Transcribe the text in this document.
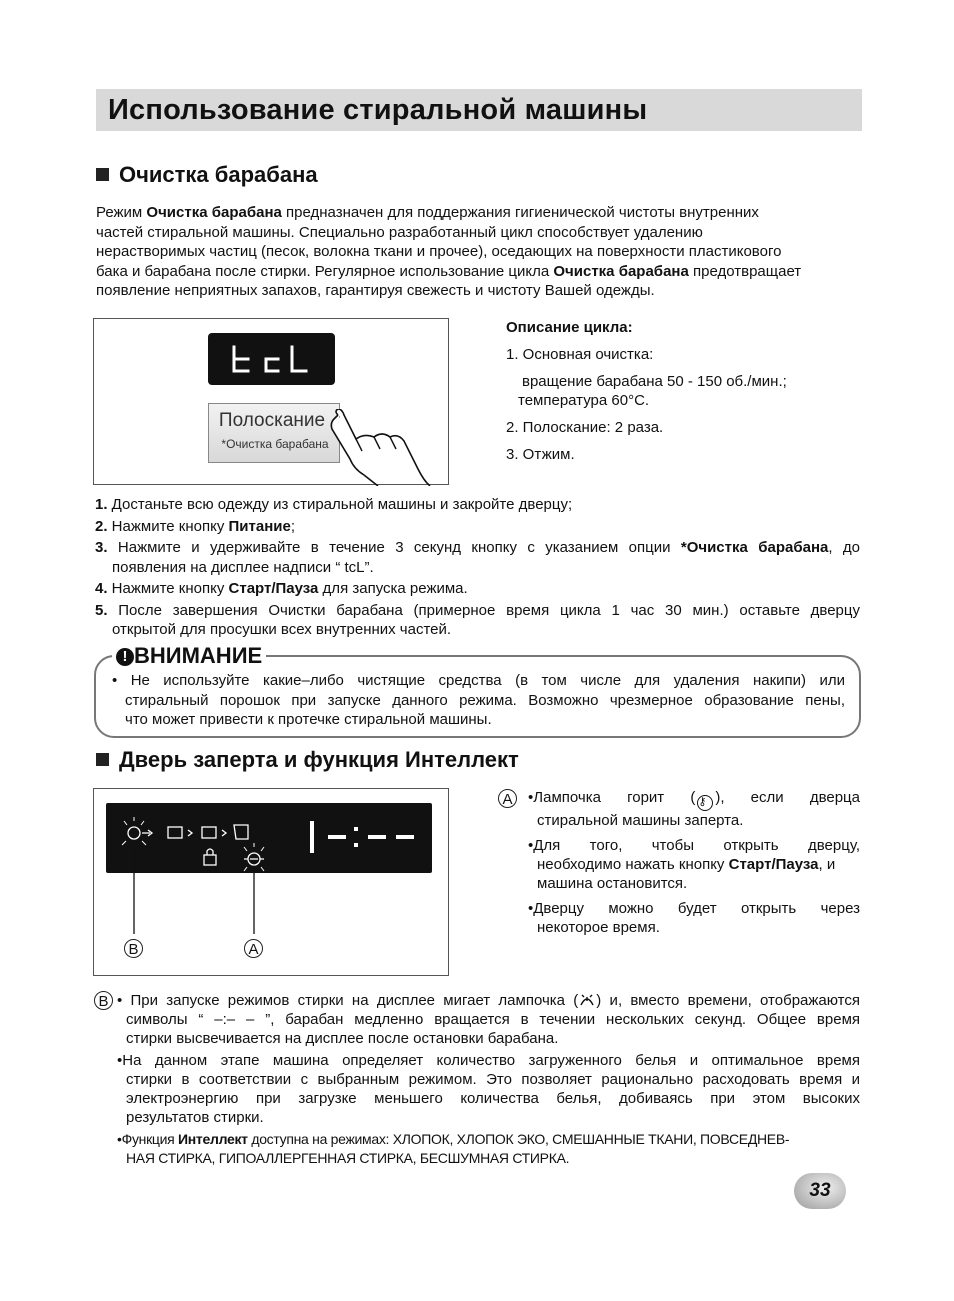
Использование стиральной машины
Очистка барабана
Режим Очистка барабана предназначен для поддержания гигиенической чистоты внутренних
частей стиральной машины. Специально разработанный цикл способствует удалению
нерастворимых частиц (песок, волокна ткани и прочее), оседающих на поверхности пластикового
бака и барабана после стирки. Регулярное использование цикла Очистка барабана предотвращает
появление неприятных запахов, гарантируя свежесть и чистоту Вашей одежды.
Полоскание
*Очистка барабана
Описание цикла:
1. Основная очистка:
вращение барабана 50 - 150 об./мин.;
температура 60°С.
2. Полоскание: 2 раза.
3. Отжим.
1. Достаньте всю одежду из стиральной машины и закройте дверцу;
2. Нажмите кнопку Питание;
3. Нажмите и удерживайте в течение 3 секунд кнопку с указанием опции *Очистка барабана, до
появления на дисплее надписи “ tcL”.
4. Нажмите кнопку Старт/Пауза для запуска режима.
5. После завершения Очистки барабана (примерное время цикла 1 час 30 мин.) оставьте дверцу
открытой для просушки всех внутренних частей.
! ВНИМАНИЕ
• Не используйте какие–либо чистящие средства (в том числе для удаления накипи) или
стиральный порошок при запуске данного режима. Возможно чрезмерное образование пены,
что может привести к протечке стиральной машины.
Дверь заперта и функция Интеллект
B	A
A	•Лампочка горит ( ⚷ ), если дверца
стиральной машины заперта.
•Для того, чтобы открыть дверцу,
необходимо нажать кнопку Старт/Пауза, и
машина остановится.
•Дверцу можно будет открыть через
некоторое время.
B • При запуске режимов стирки на дисплее мигает лампочка ( ) и, вместо времени, отображаются
символы “ –:– – ”, барабан медленно вращается в течении нескольких секунд. Общее время
стирки высвечивается на дисплее после остановки барабана.
•На данном этапе машина определяет количество загруженного белья и оптимальное время
стирки в соответствии с выбранным режимом. Это позволяет рационально расходовать время и
электроэнергию при загрузке меньшего количества белья, добиваясь при этом высоких
результатов стирки.
•Функция Интеллект доступна на режимах: ХЛОПОК, ХЛОПОК ЭКО, СМЕШАННЫЕ ТКАНИ, ПОВСЕДНЕВ-
НАЯ СТИРКА, ГИПОАЛЛЕРГЕННАЯ СТИРКА, БЕСШУМНАЯ СТИРКА.
33
